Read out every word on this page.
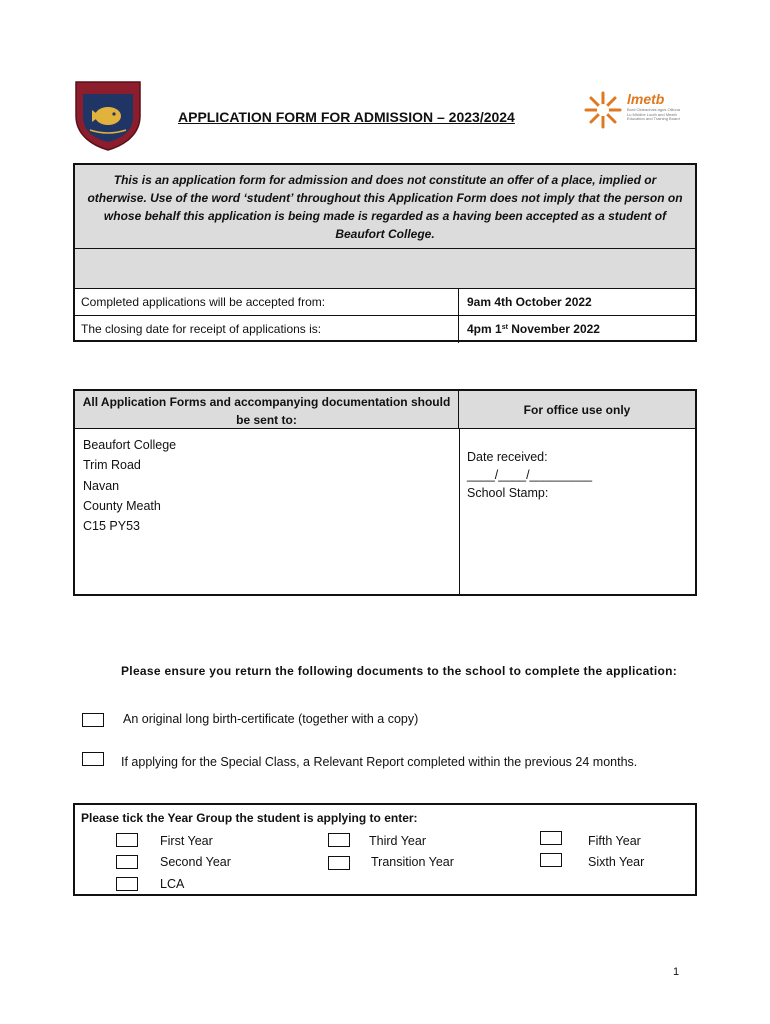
APPLICATION FORM FOR ADMISSION – 2023/2024
lmetb
Bord Oideachais agus Oiliúna Lu Mhidhe Louth and Meath Education and Training Board
This is an application form for admission and does not constitute an offer of a place, implied or otherwise. Use of the word ‘student’ throughout this Application Form does not imply that the person on whose behalf this application is being made is regarded as a having been accepted as a student of Beaufort College.
Completed applications will be accepted from:	9am 4th October 2022
The closing date for receipt of applications is:	4pm 1st November 2022
All Application Forms and accompanying documentation should be sent to:
For office use only
Beaufort College
Trim Road
Navan
County Meath
C15 PY53
Date received:
____/____/_________
School Stamp:
Please ensure you return the following documents to the school to complete the application:
An original long birth-certificate (together with a copy)
If applying for the Special Class, a Relevant Report completed within the previous 24 months.
Please tick the Year Group the student is applying to enter:
First Year
Second Year
LCA
Third Year
Transition Year
Fifth Year
Sixth Year
1
